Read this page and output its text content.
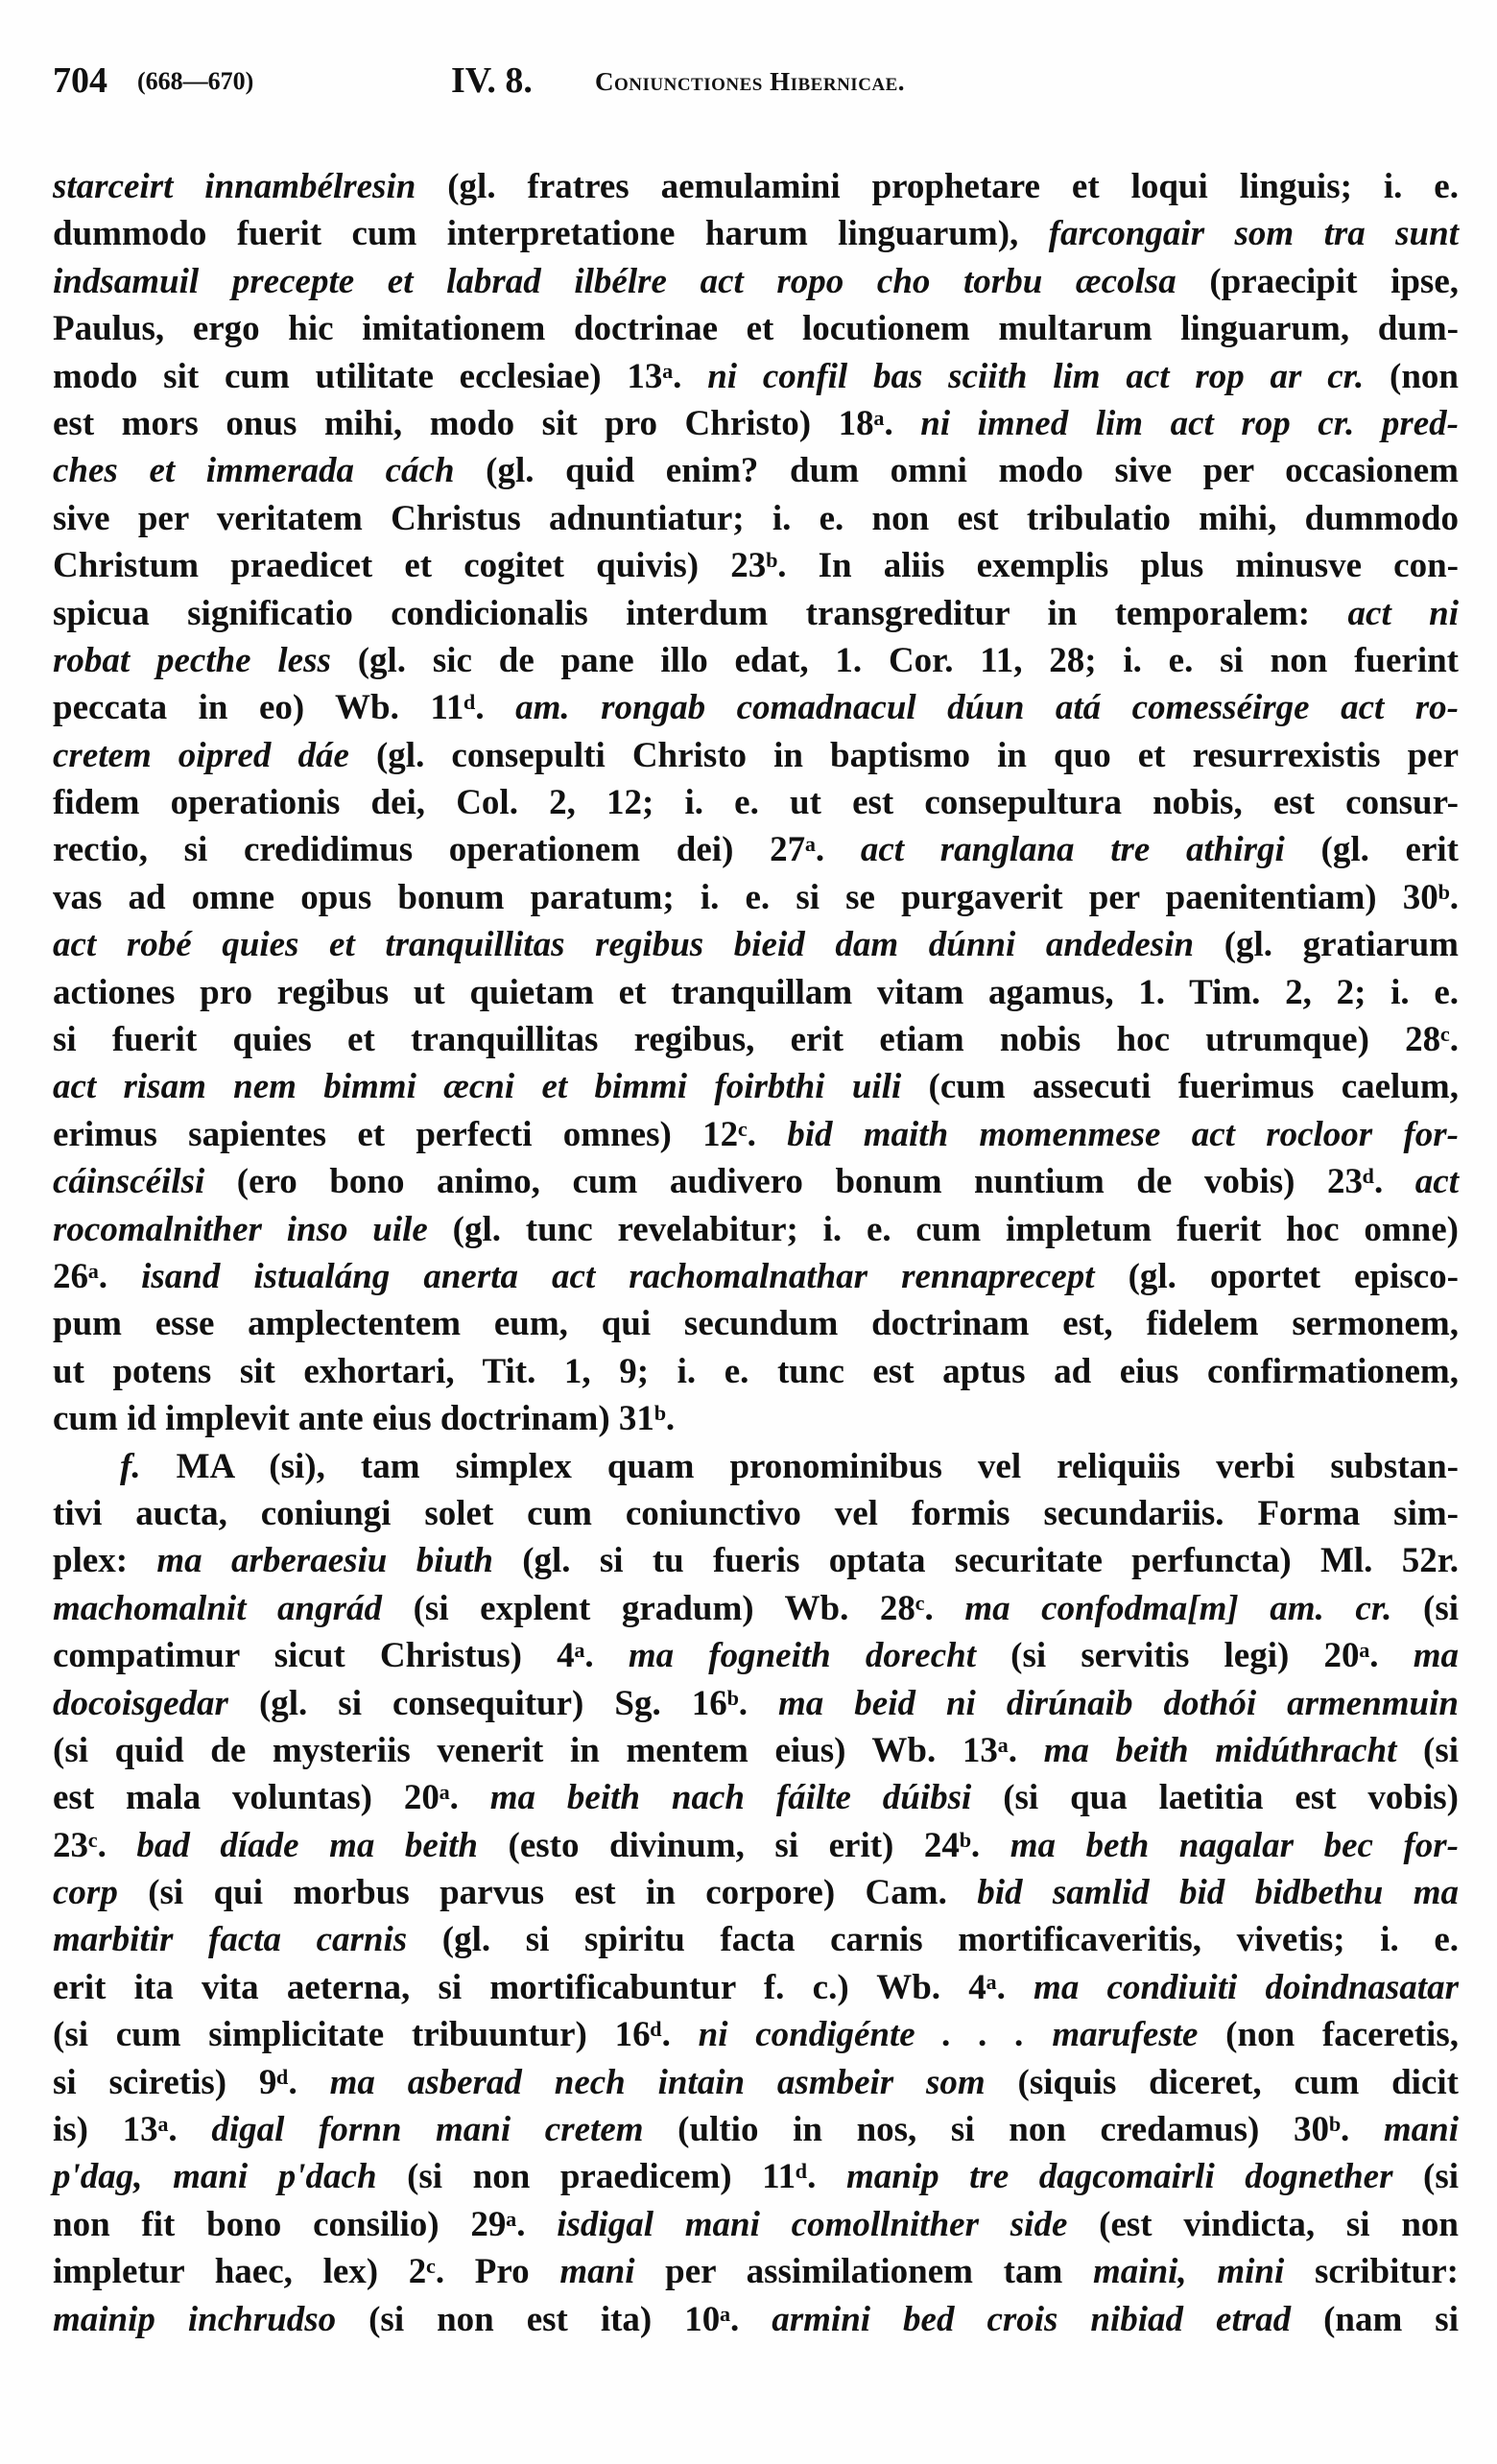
704 (668—670)	IV. 8. Coniunctiones Hibernicae.
starceirt innambélresin (gl. fratres aemulamini prophetare et loqui linguis; i. e.
dummodo fuerit cum interpretatione harum linguarum), farcongair som tra sunt
indsamuil precepte et labrad ilbélre act ropo cho torbu æcolsa (praecipit ipse,
Paulus, ergo hic imitationem doctrinae et locutionem multarum linguarum, dum-
modo sit cum utilitate ecclesiae) 13ᵃ. ni confil bas sciith lim act rop ar cr. (non
est mors onus mihi, modo sit pro Christo) 18ᵃ. ni imned lim act rop cr. pred-
ches et immerada cách (gl. quid enim? dum omni modo sive per occasionem
sive per veritatem Christus adnuntiatur; i. e. non est tribulatio mihi, dummodo
Christum praedicet et cogitet quivis) 23ᵇ. In aliis exemplis plus minusve con-
spicua significatio condicionalis interdum transgreditur in temporalem: act ni
robat pecthe less (gl. sic de pane illo edat, 1. Cor. 11, 28; i. e. si non fuerint
peccata in eo) Wb. 11ᵈ. am. rongab comadnacul dúun atá comesséirge act ro-
cretem oipred dáe (gl. consepulti Christo in baptismo in quo et resurrexistis per
fidem operationis dei, Col. 2, 12; i. e. ut est consepultura nobis, est consur-
rectio, si credidimus operationem dei) 27ᵃ. act ranglana tre athirgi (gl. erit
vas ad omne opus bonum paratum; i. e. si se purgaverit per paenitentiam) 30ᵇ.
act robé quies et tranquillitas regibus bieid dam dúnni andedesin (gl. gratiarum
actiones pro regibus ut quietam et tranquillam vitam agamus, 1. Tim. 2, 2; i. e.
si fuerit quies et tranquillitas regibus, erit etiam nobis hoc utrumque) 28ᶜ.
act risam nem bimmi æcni et bimmi foirbthi uili (cum assecuti fuerimus caelum,
erimus sapientes et perfecti omnes) 12ᶜ. bid maith momenmese act rocloor for-
cáinscéilsi (ero bono animo, cum audivero bonum nuntium de vobis) 23ᵈ. act
rocomalnither inso uile (gl. tunc revelabitur; i. e. cum impletum fuerit hoc omne)
26ᵃ. isand istualáng anerta act rachomalnathar rennaprecept (gl. oportet episco-
pum esse amplectentem eum, qui secundum doctrinam est, fidelem sermonem,
ut potens sit exhortari, Tit. 1, 9; i. e. tunc est aptus ad eius confirmationem,
cum id implevit ante eius doctrinam) 31ᵇ.
f. MA (si), tam simplex quam pronominibus vel reliquiis verbi substan-
tivi aucta, coniungi solet cum coniunctivo vel formis secundariis. Forma sim-
plex: ma arberaesiu biuth (gl. si tu fueris optata securitate perfuncta) Ml. 52r.
machomalnit angrád (si explent gradum) Wb. 28ᶜ. ma confodma[m] am. cr. (si
compatimur sicut Christus) 4ᵃ. ma fogneith dorecht (si servitis legi) 20ᵃ. ma
docoisgedar (gl. si consequitur) Sg. 16ᵇ. ma beid ni dirúnaib dothói armenmuin
(si quid de mysteriis venerit in mentem eius) Wb. 13ᵃ. ma beith midúthracht (si
est mala voluntas) 20ᵃ. ma beith nach fáilte dúibsi (si qua laetitia est vobis)
23ᶜ. bad díade ma beith (esto divinum, si erit) 24ᵇ. ma beth nagalar bec for-
corp (si qui morbus parvus est in corpore) Cam. bid samlid bid bidbethu ma
marbitir facta carnis (gl. si spiritu facta carnis mortificaveritis, vivetis; i. e.
erit ita vita aeterna, si mortificabuntur f. c.) Wb. 4ᵃ. ma condiuiti doindnasatar
(si cum simplicitate tribuuntur) 16ᵈ. ni condigénte . . . marufeste (non faceretis,
si sciretis) 9ᵈ. ma asberad nech intain asmbeir som (siquis diceret, cum dicit
is) 13ᵃ. digal fornn mani cretem (ultio in nos, si non credamus) 30ᵇ. mani
p'dag, mani p'dach (si non praedicem) 11ᵈ. manip tre dagcomairli dognether (si
non fit bono consilio) 29ᵃ. isdigal mani comollnither side (est vindicta, si non
impletur haec, lex) 2ᶜ. Pro mani per assimilationem tam maini, mini scribitur:
mainip inchrudso (si non est ita) 10ᵃ. armini bed crois nibiad etrad (nam si
